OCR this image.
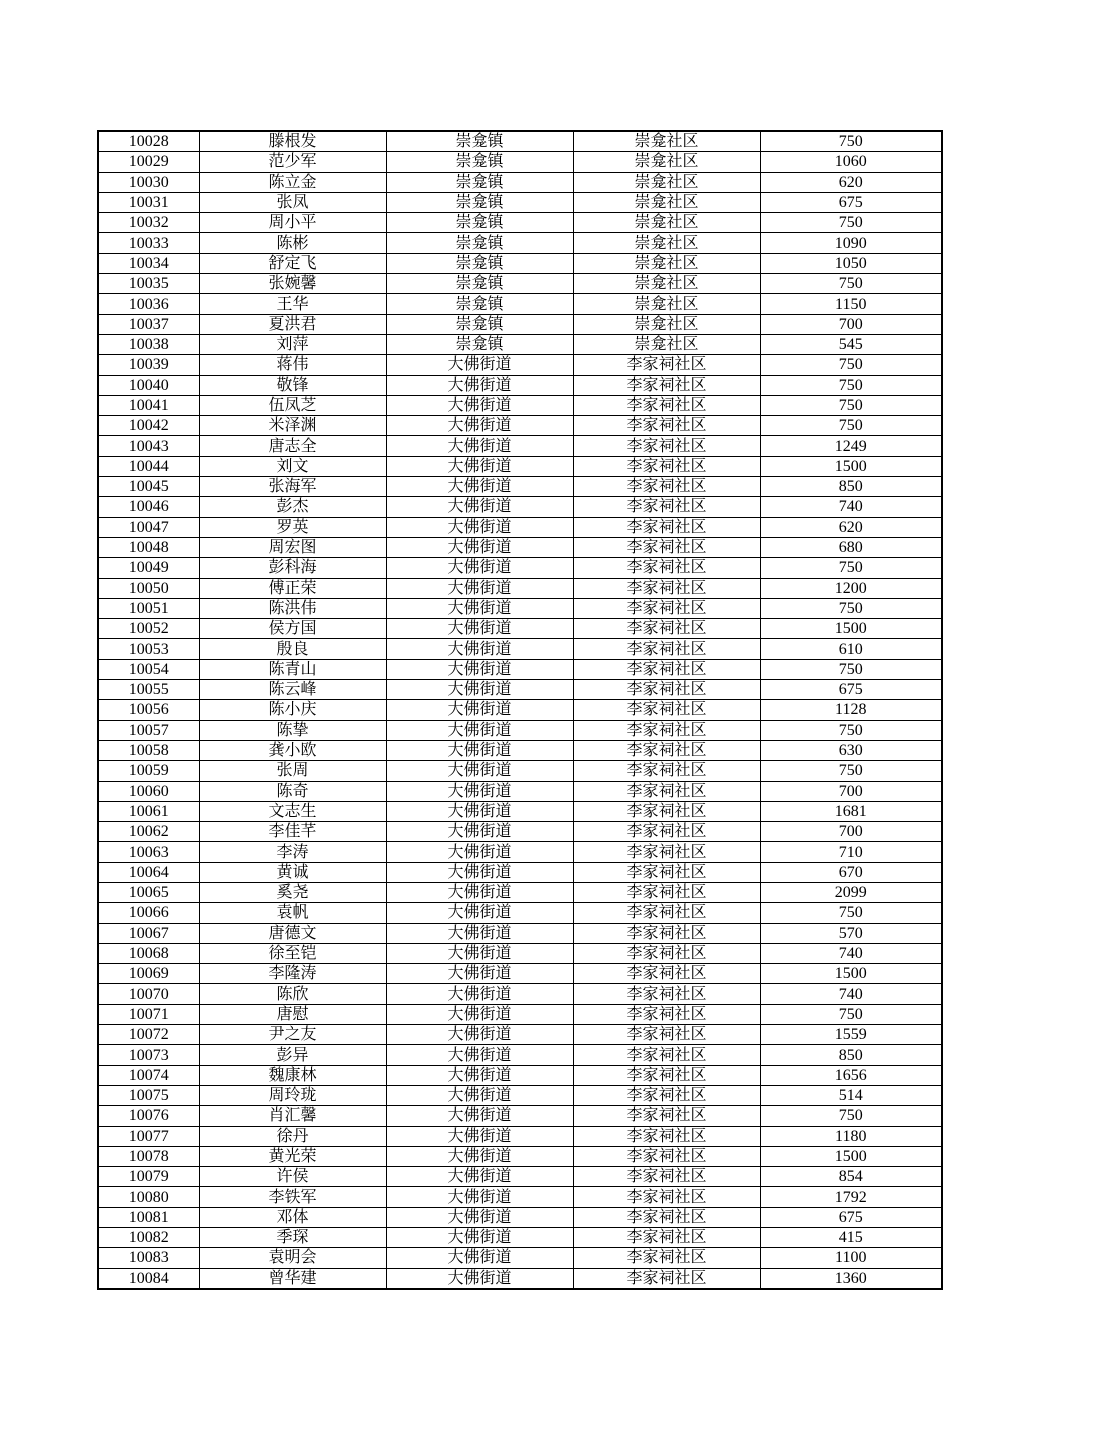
10028	滕根发	崇龛镇	崇龛社区	750
10029	范少军	崇龛镇	崇龛社区	1060
10030	陈立金	崇龛镇	崇龛社区	620
10031	张凤	崇龛镇	崇龛社区	675
10032	周小平	崇龛镇	崇龛社区	750
10033	陈彬	崇龛镇	崇龛社区	1090
10034	舒定飞	崇龛镇	崇龛社区	1050
10035	张婉馨	崇龛镇	崇龛社区	750
10036	王华	崇龛镇	崇龛社区	1150
10037	夏洪君	崇龛镇	崇龛社区	700
10038	刘萍	崇龛镇	崇龛社区	545
10039	蒋伟	大佛街道	李家祠社区	750
10040	敬锋	大佛街道	李家祠社区	750
10041	伍凤芝	大佛街道	李家祠社区	750
10042	米泽渊	大佛街道	李家祠社区	750
10043	唐志全	大佛街道	李家祠社区	1249
10044	刘文	大佛街道	李家祠社区	1500
10045	张海军	大佛街道	李家祠社区	850
10046	彭杰	大佛街道	李家祠社区	740
10047	罗英	大佛街道	李家祠社区	620
10048	周宏图	大佛街道	李家祠社区	680
10049	彭科海	大佛街道	李家祠社区	750
10050	傅正荣	大佛街道	李家祠社区	1200
10051	陈洪伟	大佛街道	李家祠社区	750
10052	侯方国	大佛街道	李家祠社区	1500
10053	殷良	大佛街道	李家祠社区	610
10054	陈青山	大佛街道	李家祠社区	750
10055	陈云峰	大佛街道	李家祠社区	675
10056	陈小庆	大佛街道	李家祠社区	1128
10057	陈挚	大佛街道	李家祠社区	750
10058	龚小欧	大佛街道	李家祠社区	630
10059	张周	大佛街道	李家祠社区	750
10060	陈奇	大佛街道	李家祠社区	700
10061	文志生	大佛街道	李家祠社区	1681
10062	李佳芊	大佛街道	李家祠社区	700
10063	李涛	大佛街道	李家祠社区	710
10064	黄诚	大佛街道	李家祠社区	670
10065	奚尧	大佛街道	李家祠社区	2099
10066	袁帆	大佛街道	李家祠社区	750
10067	唐德文	大佛街道	李家祠社区	570
10068	徐至铠	大佛街道	李家祠社区	740
10069	李隆涛	大佛街道	李家祠社区	1500
10070	陈欣	大佛街道	李家祠社区	740
10071	唐慰	大佛街道	李家祠社区	750
10072	尹之友	大佛街道	李家祠社区	1559
10073	彭异	大佛街道	李家祠社区	850
10074	魏康林	大佛街道	李家祠社区	1656
10075	周玲珑	大佛街道	李家祠社区	514
10076	肖汇馨	大佛街道	李家祠社区	750
10077	徐丹	大佛街道	李家祠社区	1180
10078	黄光荣	大佛街道	李家祠社区	1500
10079	许侯	大佛街道	李家祠社区	854
10080	李铁军	大佛街道	李家祠社区	1792
10081	邓体	大佛街道	李家祠社区	675
10082	季琛	大佛街道	李家祠社区	415
10083	袁明会	大佛街道	李家祠社区	1100
10084	曾华建	大佛街道	李家祠社区	1360
